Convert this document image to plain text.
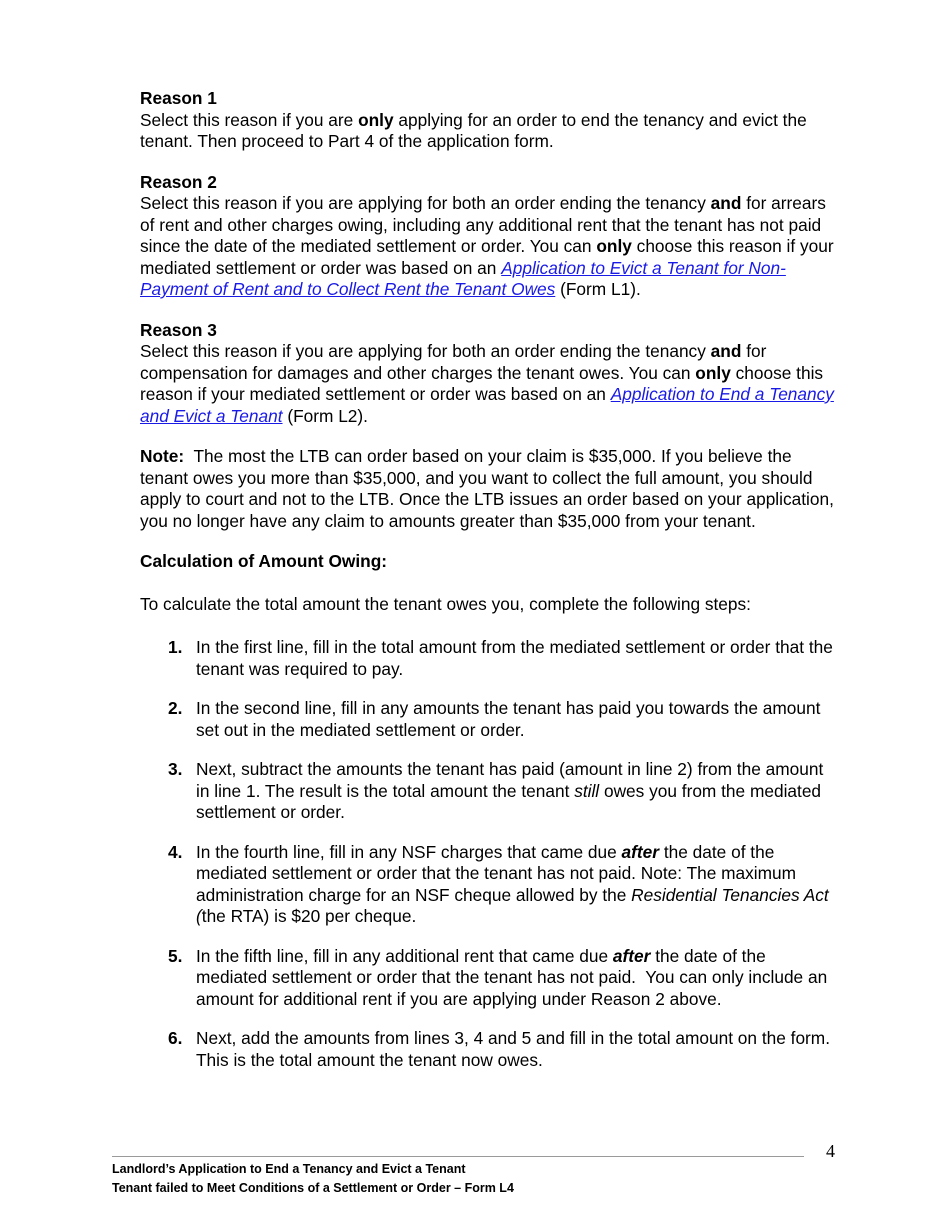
Reason 1
Select this reason if you are only applying for an order to end the tenancy and evict the tenant. Then proceed to Part 4 of the application form.
Reason 2
Select this reason if you are applying for both an order ending the tenancy and for arrears of rent and other charges owing, including any additional rent that the tenant has not paid since the date of the mediated settlement or order. You can only choose this reason if your mediated settlement or order was based on an Application to Evict a Tenant for Non-Payment of Rent and to Collect Rent the Tenant Owes (Form L1).
Reason 3
Select this reason if you are applying for both an order ending the tenancy and for compensation for damages and other charges the tenant owes. You can only choose this reason if your mediated settlement or order was based on an Application to End a Tenancy and Evict a Tenant (Form L2).
Note:  The most the LTB can order based on your claim is $35,000. If you believe the tenant owes you more than $35,000, and you want to collect the full amount, you should apply to court and not to the LTB. Once the LTB issues an order based on your application, you no longer have any claim to amounts greater than $35,000 from your tenant.
Calculation of Amount Owing:
To calculate the total amount the tenant owes you, complete the following steps:
1. In the first line, fill in the total amount from the mediated settlement or order that the tenant was required to pay.
2. In the second line, fill in any amounts the tenant has paid you towards the amount set out in the mediated settlement or order.
3. Next, subtract the amounts the tenant has paid (amount in line 2) from the amount in line 1. The result is the total amount the tenant still owes you from the mediated settlement or order.
4. In the fourth line, fill in any NSF charges that came due after the date of the mediated settlement or order that the tenant has not paid. Note: The maximum administration charge for an NSF cheque allowed by the Residential Tenancies Act (the RTA) is $20 per cheque.
5. In the fifth line, fill in any additional rent that came due after the date of the mediated settlement or order that the tenant has not paid.  You can only include an amount for additional rent if you are applying under Reason 2 above.
6. Next, add the amounts from lines 3, 4 and 5 and fill in the total amount on the form. This is the total amount the tenant now owes.
4
Landlord’s Application to End a Tenancy and Evict a Tenant
Tenant failed to Meet Conditions of a Settlement or Order – Form L4
